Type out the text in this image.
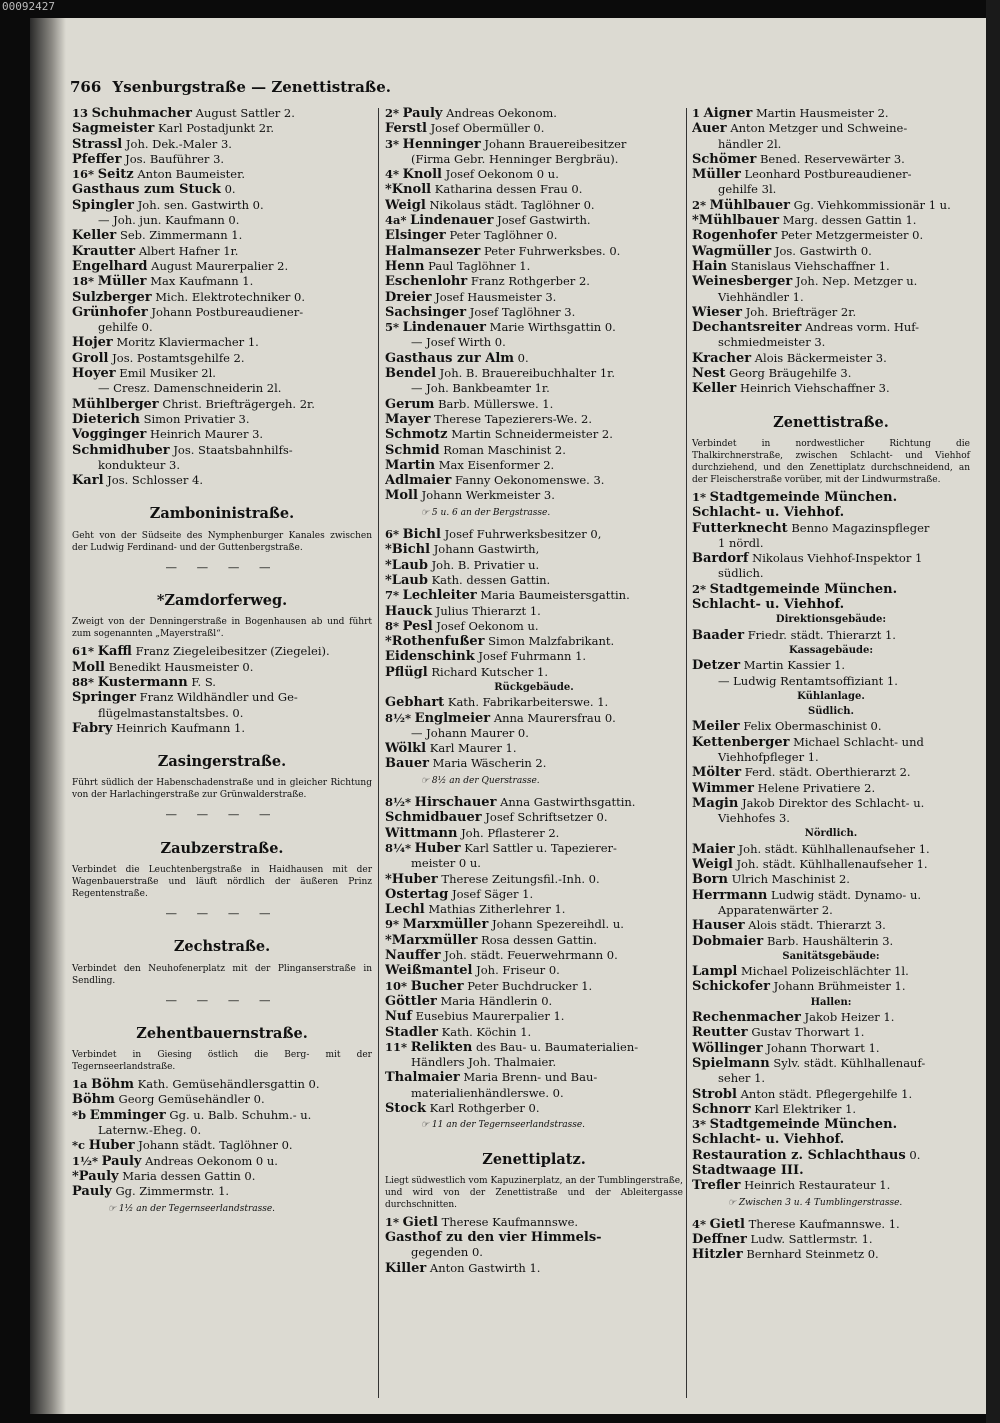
00092427
766 Ysenburgstraße — Zenettistraße.
13 Schuhmacher August Sattler 2.
Sagmeister Karl Postadjunkt 2r.
Strassl Joh. Dek.-Maler 3.
Pfeffer Jos. Bauführer 3.
16* Seitz Anton Baumeister.
Gasthaus zum Stuck 0.
Spingler Joh. sen. Gastwirth 0.
— Joh. jun. Kaufmann 0.
Keller Seb. Zimmermann 1.
Krautter Albert Hafner 1r.
Engelhard August Maurerpalier 2.
18* Müller Max Kaufmann 1.
Sulzberger Mich. Elektrotechniker 0.
Grünhofer Johann Postbureaudiener-
gehilfe 0.
Hojer Moritz Klaviermacher 1.
Groll Jos. Postamtsgehilfe 2.
Hoyer Emil Musiker 2l.
— Cresz. Damenschneiderin 2l.
Mühlberger Christ. Briefträgergeh. 2r.
Dieterich Simon Privatier 3.
Vogginger Heinrich Maurer 3.
Schmidhuber Jos. Staatsbahnhilfs-
kondukteur 3.
Karl Jos. Schlosser 4.
Zamboninistraße.
Geht von der Südseite des Nymphenburger Kanales zwischen der Ludwig Ferdinand- und der Guttenbergstraße.
— — — —
*Zamdorferweg.
Zweigt von der Denningerstraße in Bogenhausen ab und führt zum sogenannten „Mayerstraßl“.
61* Kaffl Franz Ziegeleibesitzer (Ziegelei).
Moll Benedikt Hausmeister 0.
88* Kustermann F. S.
Springer Franz Wildhändler und Ge-
flügelmastanstaltsbes. 0.
Fabry Heinrich Kaufmann 1.
Zasingerstraße.
Führt südlich der Habenschadenstraße und in gleicher Richtung von der Harlachingerstraße zur Grünwalderstraße.
— — — —
Zaubzerstraße.
Verbindet die Leuchtenbergstraße in Haidhausen mit der Wagenbauerstraße und läuft nördlich der äußeren Prinz Regentenstraße.
— — — —
Zechstraße.
Verbindet den Neuhofenerplatz mit der Plinganserstraße in Sendling.
— — — —
Zehentbauernstraße.
Verbindet in Giesing östlich die Berg- mit der Tegernseerlandstraße.
1a Böhm Kath. Gemüsehändlersgattin 0.
Böhm Georg Gemüsehändler 0.
*b Emminger Gg. u. Balb. Schuhm.- u.
Laternw.-Eheg. 0.
*c Huber Johann städt. Taglöhner 0.
1½* Pauly Andreas Oekonom 0 u.
*Pauly Maria dessen Gattin 0.
Pauly Gg. Zimmermstr. 1.
☞ 1½ an der Tegernseerlandstrasse.
2* Pauly Andreas Oekonom.
Ferstl Josef Obermüller 0.
3* Henninger Johann Brauereibesitzer
(Firma Gebr. Henninger Bergbräu).
4* Knoll Josef Oekonom 0 u.
*Knoll Katharina dessen Frau 0.
Weigl Nikolaus städt. Taglöhner 0.
4a* Lindenauer Josef Gastwirth.
Elsinger Peter Taglöhner 0.
Halmansezer Peter Fuhrwerksbes. 0.
Henn Paul Taglöhner 1.
Eschenlohr Franz Rothgerber 2.
Dreier Josef Hausmeister 3.
Sachsinger Josef Taglöhner 3.
5* Lindenauer Marie Wirthsgattin 0.
— Josef Wirth 0.
Gasthaus zur Alm 0.
Bendel Joh. B. Brauereibuchhalter 1r.
— Joh. Bankbeamter 1r.
Gerum Barb. Müllerswe. 1.
Mayer Therese Tapezierers-We. 2.
Schmotz Martin Schneidermeister 2.
Schmid Roman Maschinist 2.
Martin Max Eisenformer 2.
Adlmaier Fanny Oekonomenswe. 3.
Moll Johann Werkmeister 3.
☞ 5 u. 6 an der Bergstrasse.
6* Bichl Josef Fuhrwerksbesitzer 0,
*Bichl Johann Gastwirth,
*Laub Joh. B. Privatier u.
*Laub Kath. dessen Gattin.
7* Lechleiter Maria Baumeistersgattin.
Hauck Julius Thierarzt 1.
8* Pesl Josef Oekonom u.
*Rothenfußer Simon Malzfabrikant.
Eidenschink Josef Fuhrmann 1.
Pflügl Richard Kutscher 1.
Rückgebäude.
Gebhart Kath. Fabrikarbeiterswe. 1.
8½* Englmeier Anna Maurersfrau 0.
— Johann Maurer 0.
Wölkl Karl Maurer 1.
Bauer Maria Wäscherin 2.
☞ 8½ an der Querstrasse.
8½* Hirschauer Anna Gastwirthsgattin.
Schmidbauer Josef Schriftsetzer 0.
Wittmann Joh. Pflasterer 2.
8¼* Huber Karl Sattler u. Tapezierer-
meister 0 u.
*Huber Therese Zeitungsfil.-Inh. 0.
Ostertag Josef Säger 1.
Lechl Mathias Zitherlehrer 1.
9* Marxmüller Johann Spezereihdl. u.
*Marxmüller Rosa dessen Gattin.
Nauffer Joh. städt. Feuerwehrmann 0.
Weißmantel Joh. Friseur 0.
10* Bucher Peter Buchdrucker 1.
Göttler Maria Händlerin 0.
Nuf Eusebius Maurerpalier 1.
Stadler Kath. Köchin 1.
11* Relikten des Bau- u. Baumaterialien-
Händlers Joh. Thalmaier.
Thalmaier Maria Brenn- und Bau-
materialienhändlerswe. 0.
Stock Karl Rothgerber 0.
☞ 11 an der Tegernseerlandstrasse.
Zenettiplatz.
Liegt südwestlich vom Kapuzinerplatz, an der Tumblingerstraße, und wird von der Zenettistraße und der Ableitergasse durchschnitten.
1* Gietl Therese Kaufmannswe.
Gasthof zu den vier Himmels-
gegenden 0.
Killer Anton Gastwirth 1.
1 Aigner Martin Hausmeister 2.
Auer Anton Metzger und Schweine-
händler 2l.
Schömer Bened. Reservewärter 3.
Müller Leonhard Postbureaudiener-
gehilfe 3l.
2* Mühlbauer Gg. Viehkommissionär 1 u.
*Mühlbauer Marg. dessen Gattin 1.
Rogenhofer Peter Metzgermeister 0.
Wagmüller Jos. Gastwirth 0.
Hain Stanislaus Viehschaffner 1.
Weinesberger Joh. Nep. Metzger u.
Viehhändler 1.
Wieser Joh. Briefträger 2r.
Dechantsreiter Andreas vorm. Huf-
schmiedmeister 3.
Kracher Alois Bäckermeister 3.
Nest Georg Bräugehilfe 3.
Keller Heinrich Viehschaffner 3.
Zenettistraße.
Verbindet in nordwestlicher Richtung die Thalkirchnerstraße, zwischen Schlacht- und Viehhof durchziehend, und den Zenettiplatz durchschneidend, an der Fleischerstraße vorüber, mit der Lindwurmstraße.
1* Stadtgemeinde München.
Schlacht- u. Viehhof.
Futterknecht Benno Magazinspfleger
1 nördl.
Bardorf Nikolaus Viehhof-Inspektor 1
südlich.
2* Stadtgemeinde München.
Schlacht- u. Viehhof.
Direktionsgebäude:
Baader Friedr. städt. Thierarzt 1.
Kassagebäude:
Detzer Martin Kassier 1.
— Ludwig Rentamtsoffiziant 1.
Kühlanlage.
Südlich.
Meiler Felix Obermaschinist 0.
Kettenberger Michael Schlacht- und
Viehhofpfleger 1.
Mölter Ferd. städt. Oberthierarzt 2.
Wimmer Helene Privatiere 2.
Magin Jakob Direktor des Schlacht- u.
Viehhofes 3.
Nördlich.
Maier Joh. städt. Kühlhallenaufseher 1.
Weigl Joh. städt. Kühlhallenaufseher 1.
Born Ulrich Maschinist 2.
Herrmann Ludwig städt. Dynamo- u.
Apparatenwärter 2.
Hauser Alois städt. Thierarzt 3.
Dobmaier Barb. Haushälterin 3.
Sanitätsgebäude:
Lampl Michael Polizeischlächter 1l.
Schickofer Johann Brühmeister 1.
Hallen:
Rechenmacher Jakob Heizer 1.
Reutter Gustav Thorwart 1.
Wöllinger Johann Thorwart 1.
Spielmann Sylv. städt. Kühlhallenauf-
seher 1.
Strobl Anton städt. Pflegergehilfe 1.
Schnorr Karl Elektriker 1.
3* Stadtgemeinde München.
Schlacht- u. Viehhof.
Restauration z. Schlachthaus 0.
Stadtwaage III.
Trefler Heinrich Restaurateur 1.
☞ Zwischen 3 u. 4 Tumblingerstrasse.
4* Gietl Therese Kaufmannswe. 1.
Deffner Ludw. Sattlermstr. 1.
Hitzler Bernhard Steinmetz 0.
